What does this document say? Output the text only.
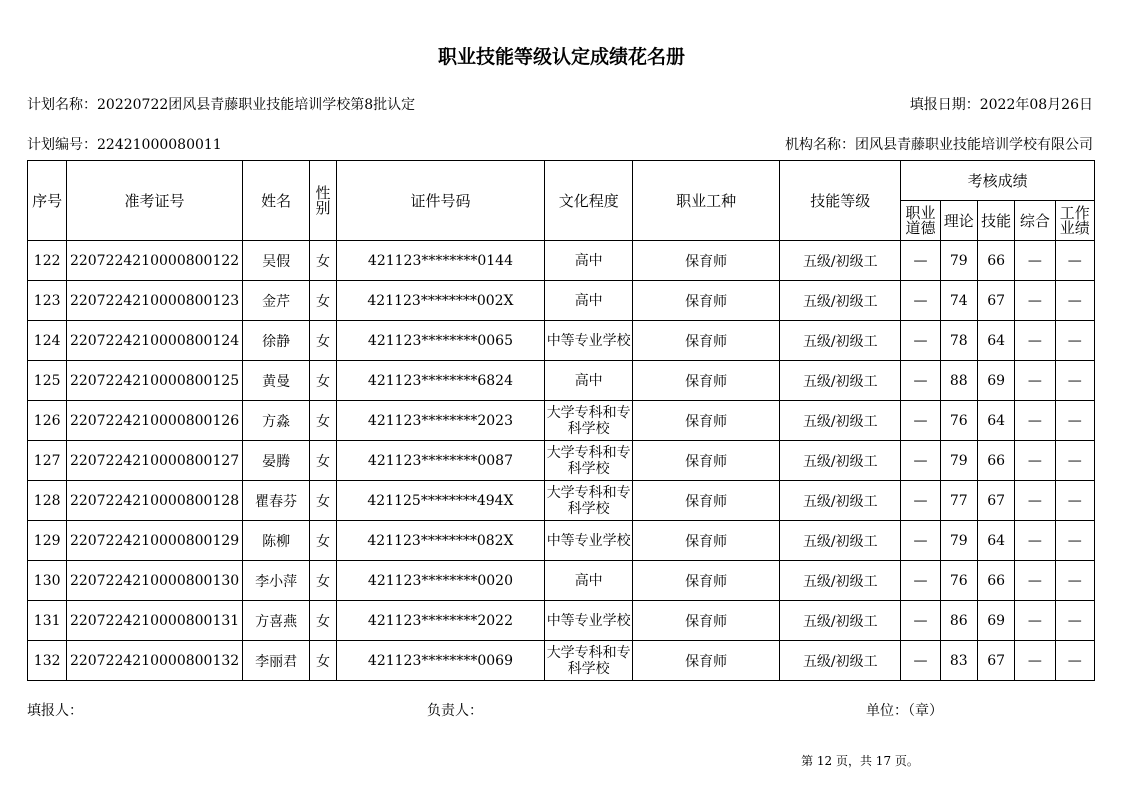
职业技能等级认定成绩花名册
计划名称：20220722团风县青藤职业技能培训学校第8批认定	填报日期：2022年08月26日
计划编号：22421000080011	机构名称：团风县青藤职业技能培训学校有限公司
序号	准考证号	姓名	性别	证件号码	文化程度	职业工种	技能等级	考核成绩				
								职业道德	理论	技能	综合	工作业绩
122	2207224210000800122	吴假	女	421123********0144	高中	保育师	五级/初级工	—	79	66	—	—
123	2207224210000800123	金芹	女	421123********002X	高中	保育师	五级/初级工	—	74	67	—	—
124	2207224210000800124	徐静	女	421123********0065	中等专业学校	保育师	五级/初级工	—	78	64	—	—
125	2207224210000800125	黄曼	女	421123********6824	高中	保育师	五级/初级工	—	88	69	—	—
126	2207224210000800126	方淼	女	421123********2023	大学专科和专科学校	保育师	五级/初级工	—	76	64	—	—
127	2207224210000800127	晏腾	女	421123********0087	大学专科和专科学校	保育师	五级/初级工	—	79	66	—	—
128	2207224210000800128	瞿春芬	女	421125********494X	大学专科和专科学校	保育师	五级/初级工	—	77	67	—	—
129	2207224210000800129	陈柳	女	421123********082X	中等专业学校	保育师	五级/初级工	—	79	64	—	—
130	2207224210000800130	李小萍	女	421123********0020	高中	保育师	五级/初级工	—	76	66	—	—
131	2207224210000800131	方喜燕	女	421123********2022	中等专业学校	保育师	五级/初级工	—	86	69	—	—
132	2207224210000800132	李丽君	女	421123********0069	大学专科和专科学校	保育师	五级/初级工	—	83	67	—	—
填报人：	负责人：	单位：（章）
第 12 页，共 17 页。
